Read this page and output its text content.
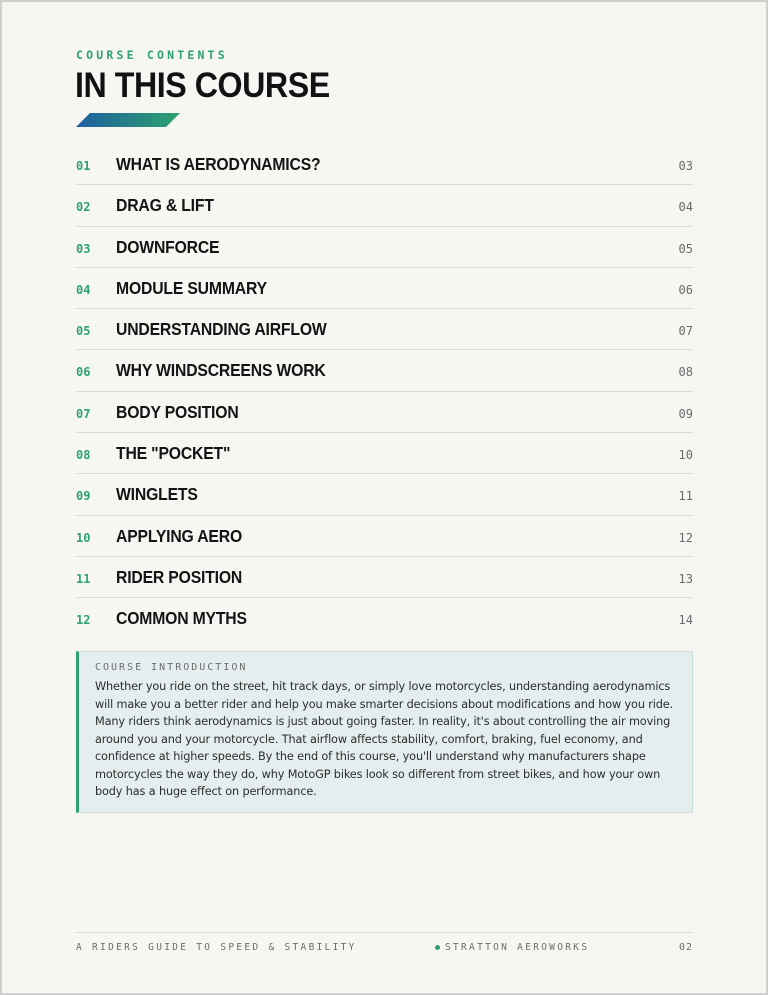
COURSE CONTENTS
IN THIS COURSE
01 WHAT IS AERODYNAMICS?	03
02 DRAG & LIFT	04
03 DOWNFORCE	05
04 MODULE SUMMARY	06
05 UNDERSTANDING AIRFLOW	07
06 WHY WINDSCREENS WORK	08
07 BODY POSITION	09
08 THE "POCKET"	10
09 WINGLETS	11
10 APPLYING AERO	12
11 RIDER POSITION	13
12 COMMON MYTHS	14
COURSE INTRODUCTION

Whether you ride on the street, hit track days, or simply love motorcycles, understanding aerodynamics will make you a better rider and help you make smarter decisions about modifications and how you ride. Many riders think aerodynamics is just about going faster. In reality, it's about controlling the air moving around you and your motorcycle. That airflow affects stability, comfort, braking, fuel economy, and confidence at higher speeds. By the end of this course, you'll understand why manufacturers shape motorcycles the way they do, why MotoGP bikes look so different from street bikes, and how your own body has a huge effect on performance.

A RIDERS GUIDE TO SPEED & STABILITY	STRATTON AEROWORKS	02
